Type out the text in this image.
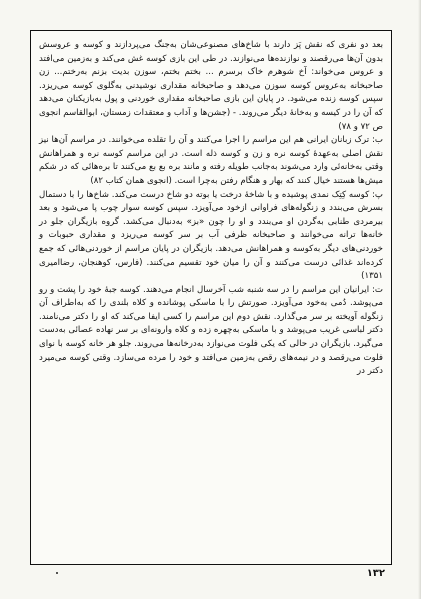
بعد دو نفری که نقش پَز دارند با شاخ‌های مصنوعی‌شان به‌جنگ می‌پردازند و کوسه و عروسش بدون آن‌ها می‌رقصند و نوازنده‌ها می‌نوازند. در طی این بازی کوسه غش می‌کند و به‌زمین می‌افتد و عروس می‌خواند: آخ شوهرم خاک برسرم ... بختم بختم، سوزن بدیت بزنم به‌رختم... زن صاحبخانه به‌عروس کوسه سوزن می‌دهد و صاحبخانه مقداری نوشیدنی به‌گلوی کوسه می‌ریزد. سپس کوسه زنده می‌شود. در پایان این بازی صاحبخانه مقداری خوردنی و پول به‌بازیکنان می‌دهد که آن را در کیسه و به‌خانهٔ دیگر می‌روند. - (جشن‌ها و آداب و معتقدات زمستان، ابوالقاسم انجوی ص ۷۲ و ۷۸)

ب: ترک زبانان ایرانی هم این مراسم را اجرا می‌کنند و آن را تقلده می‌خوانند. در مراسم آن‌ها نیز نقش اصلی به‌عهدهٔ کوسه نره و زن و کوسه ذله است. در این مراسم کوسه نره و همراهانش وقتی به‌خانه‌ئی وارد می‌شوند به‌جانب طویله رفته و مانند بره بع بع می‌کنند تا بره‌هائی که در شکم میش‌ها هستند خیال کنند که بهار و هنگام رفتن به‌چرا است. (انجوی همان کتاب ۸۲)

پ: کوسه کِتِک نمدی پوشیده و با شاخهٔ درخت یا بوته دو شاخ درست می‌کند. شاخ‌ها را با دستمال بسرش می‌بندد و زنگوله‌های فراوانی ازخود می‌آویزد. سپس کوسه سوار چوب پا می‌شود و بعد بیرمردی طنابی به‌گردن او می‌بندد و او را چون «بز» به‌دنبال می‌کشد. گروه بازیگران جلو در خانه‌ها ترانه می‌خوانند و صاحبخانه ظرفی آب بر سر کوسه می‌ریزد و مقداری حبوبات و خوردنی‌های دیگر به‌کوسه و همراهانش می‌دهد. بازیگران در پایان مراسم از خوردنی‌هائی که جمع کرده‌اند غذائی درست می‌کنند و آن را میان خود تقسیم می‌کنند. (فارس، کوهنجان، رضاامیری ۱۳۵۱)

ت: ایرانیان این مراسم را در سه شنبه شب آخرسال انجام می‌دهند. کوسه جبهٔ خود را پشت و رو می‌پوشد. دُمی به‌خود می‌آویزد. صورتش را با ماسکی پوشانده و کلاه بلندی را که به‌اطراف آن زنگوله آویخته بر سر می‌گذارد. نقش دوم این مراسم را کسی ایفا می‌کند که او را دکتر می‌نامند. دکتر لباسی غریب می‌پوشد و با ماسکی به‌چهره زده و کلاه وارونه‌ای بر سر نهاده عصائی به‌دست می‌گیرد. بازیگران در حالی که یکی فلوت می‌نوازد به‌درخانه‌ها می‌روند. جلو هر خانه کوسه با نوای فلوت می‌رقصد و در نیمه‌های رقص به‌زمین می‌افتد و خود را مرده می‌سازد. وقتی کوسه می‌میرد دکتر در

۱۳۲
